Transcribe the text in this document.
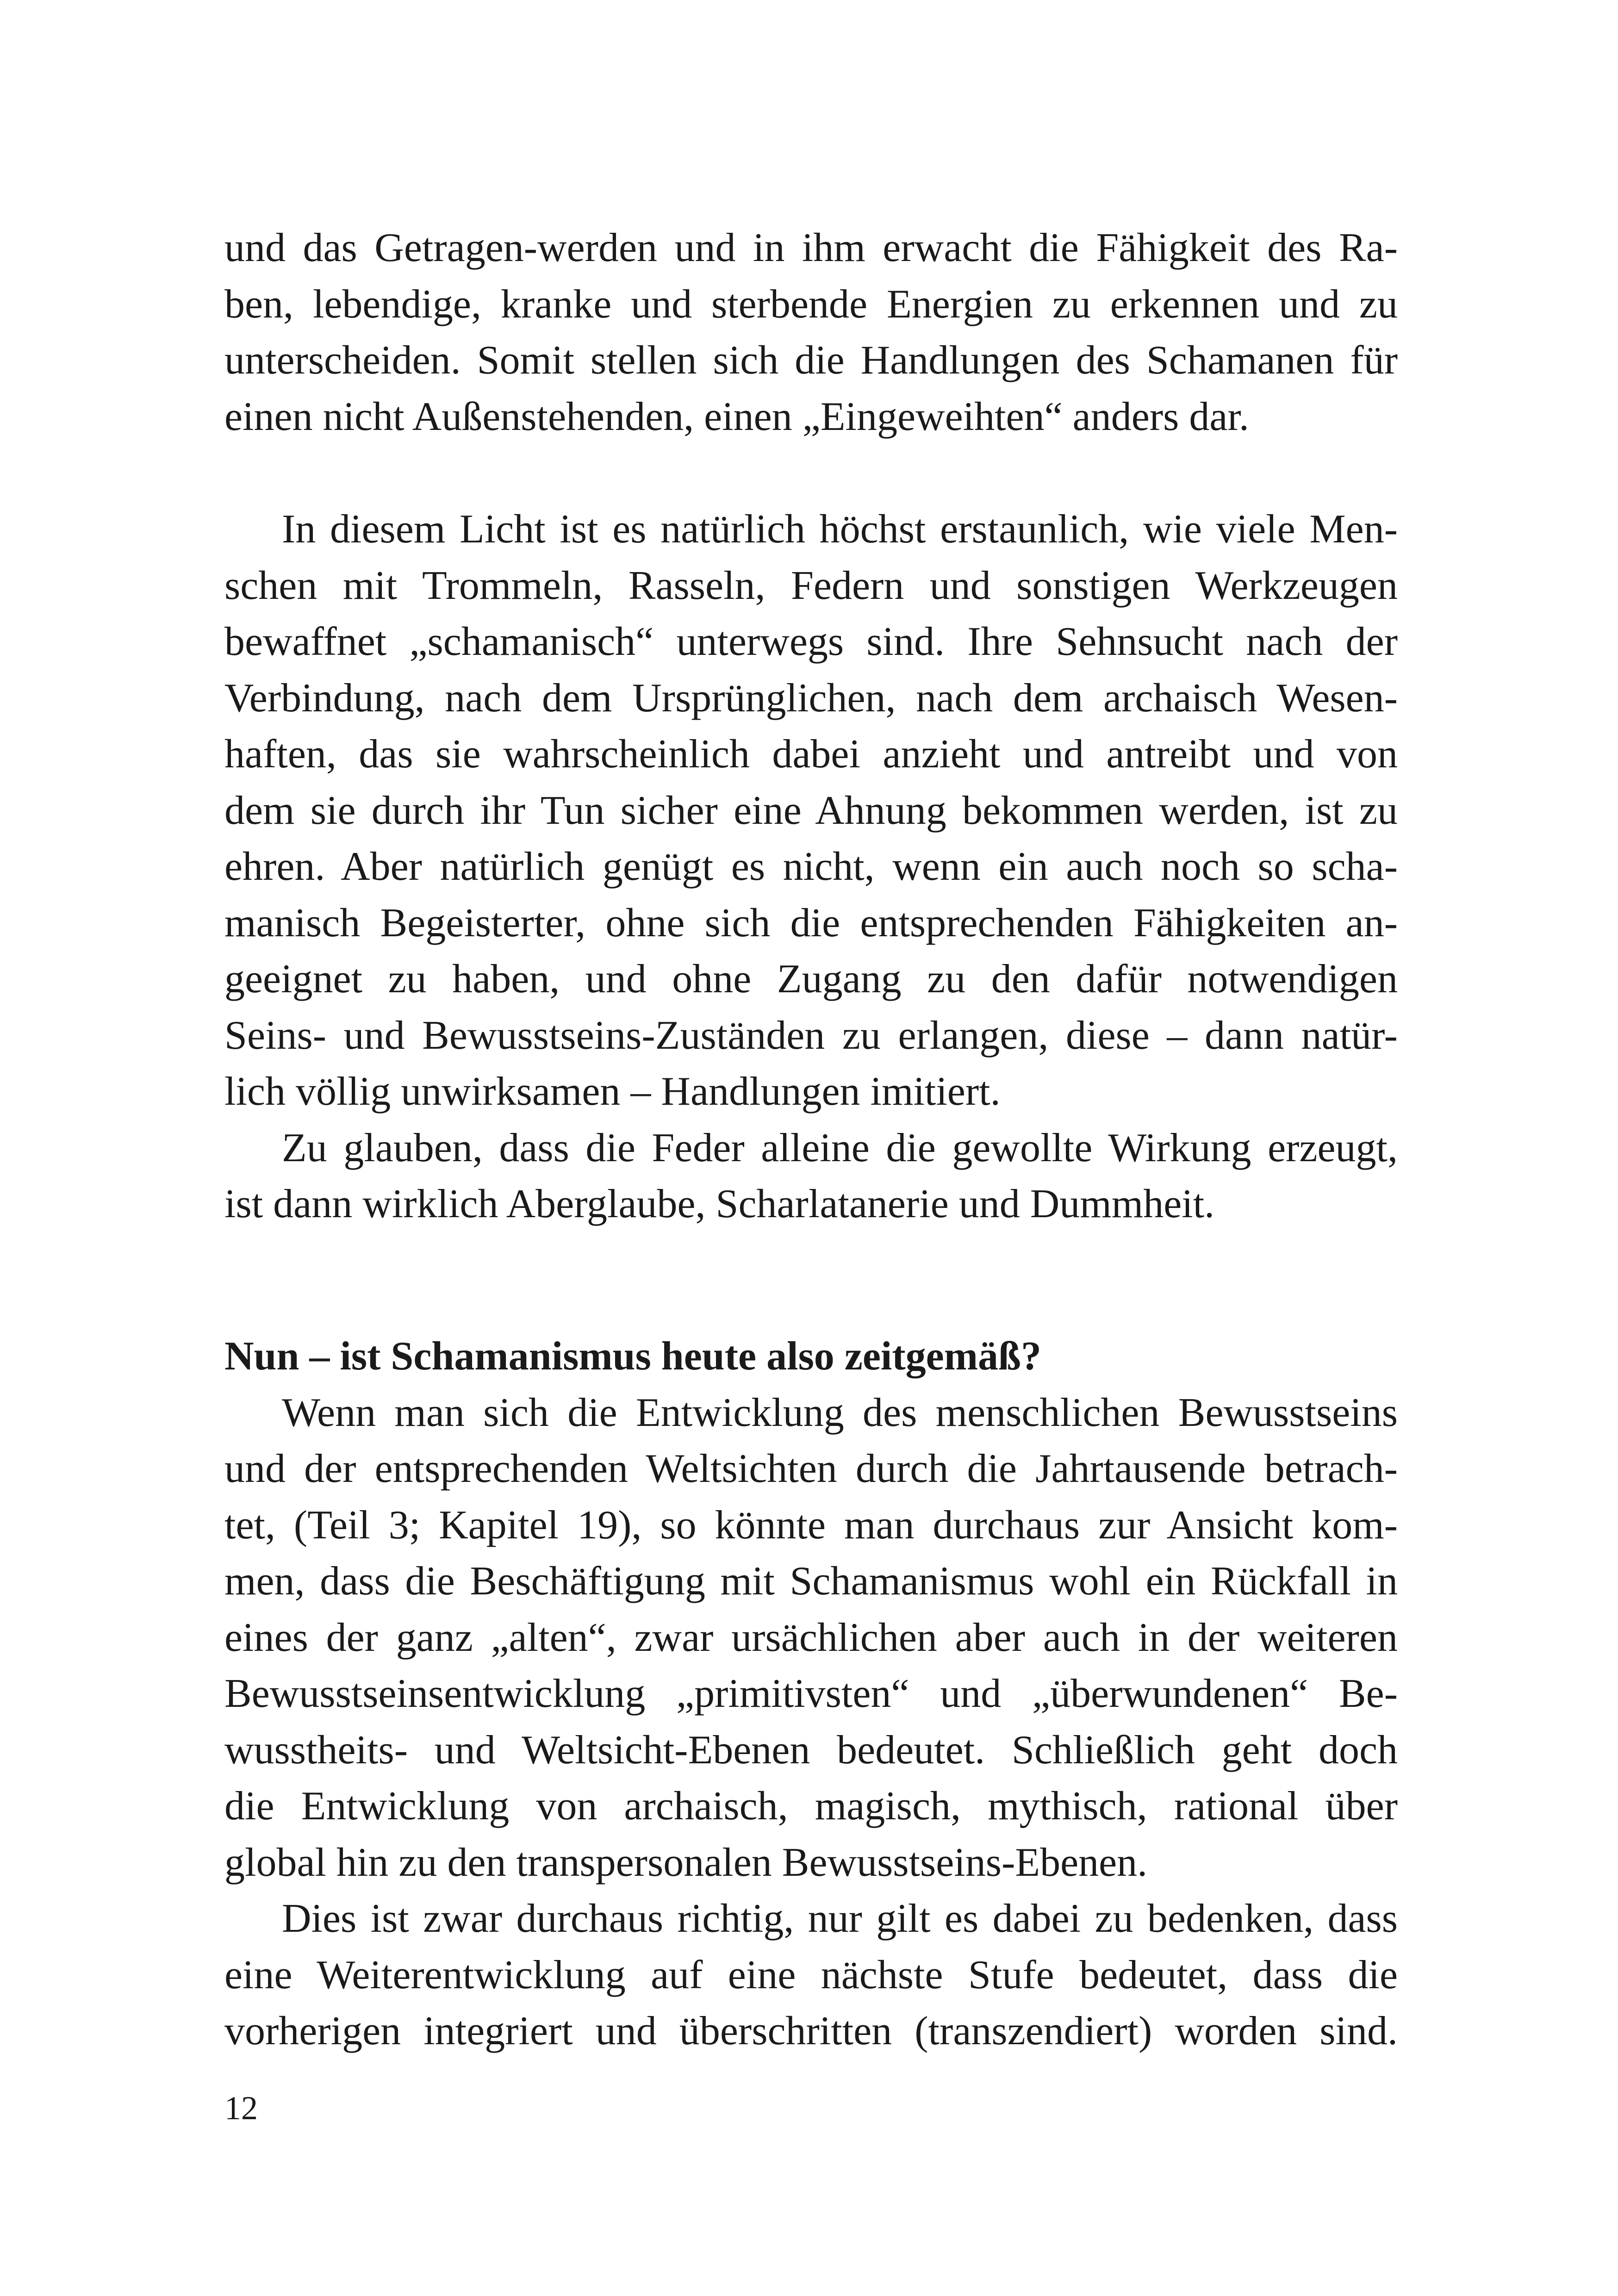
und das Getragen-werden und in ihm erwacht die Fähigkeit des Ra-
ben, lebendige, kranke und sterbende Energien zu erkennen und zu
unterscheiden. Somit stellen sich die Handlungen des Schamanen für
einen nicht Außenstehenden, einen „Eingeweihten“ anders dar.
In diesem Licht ist es natürlich höchst erstaunlich, wie viele Men-
schen mit Trommeln, Rasseln, Federn und sonstigen Werkzeugen
bewaffnet „schamanisch“ unterwegs sind. Ihre Sehnsucht nach der
Verbindung, nach dem Ursprünglichen, nach dem archaisch Wesen-
haften, das sie wahrscheinlich dabei anzieht und antreibt und von
dem sie durch ihr Tun sicher eine Ahnung bekommen werden, ist zu
ehren. Aber natürlich genügt es nicht, wenn ein auch noch so scha-
manisch Begeisterter, ohne sich die entsprechenden Fähigkeiten an-
geeignet zu haben, und ohne Zugang zu den dafür notwendigen
Seins- und Bewusstseins-Zuständen zu erlangen, diese – dann natür-
lich völlig unwirksamen – Handlungen imitiert.
Zu glauben, dass die Feder alleine die gewollte Wirkung erzeugt,
ist dann wirklich Aberglaube, Scharlatanerie und Dummheit.
Nun – ist Schamanismus heute also zeitgemäß?
Wenn man sich die Entwicklung des menschlichen Bewusstseins
und der entsprechenden Weltsichten durch die Jahrtausende betrach-
tet, (Teil 3; Kapitel 19), so könnte man durchaus zur Ansicht kom-
men, dass die Beschäftigung mit Schamanismus wohl ein Rückfall in
eines der ganz „alten“, zwar ursächlichen aber auch in der weiteren
Bewusstseinsentwicklung „primitivsten“ und „überwundenen“ Be-
wusstheits- und Weltsicht-Ebenen bedeutet. Schließlich geht doch
die Entwicklung von archaisch, magisch, mythisch, rational über
global hin zu den transpersonalen Bewusstseins-Ebenen.
Dies ist zwar durchaus richtig, nur gilt es dabei zu bedenken, dass
eine Weiterentwicklung auf eine nächste Stufe bedeutet, dass die
vorherigen integriert und überschritten (transzendiert) worden sind.
12
